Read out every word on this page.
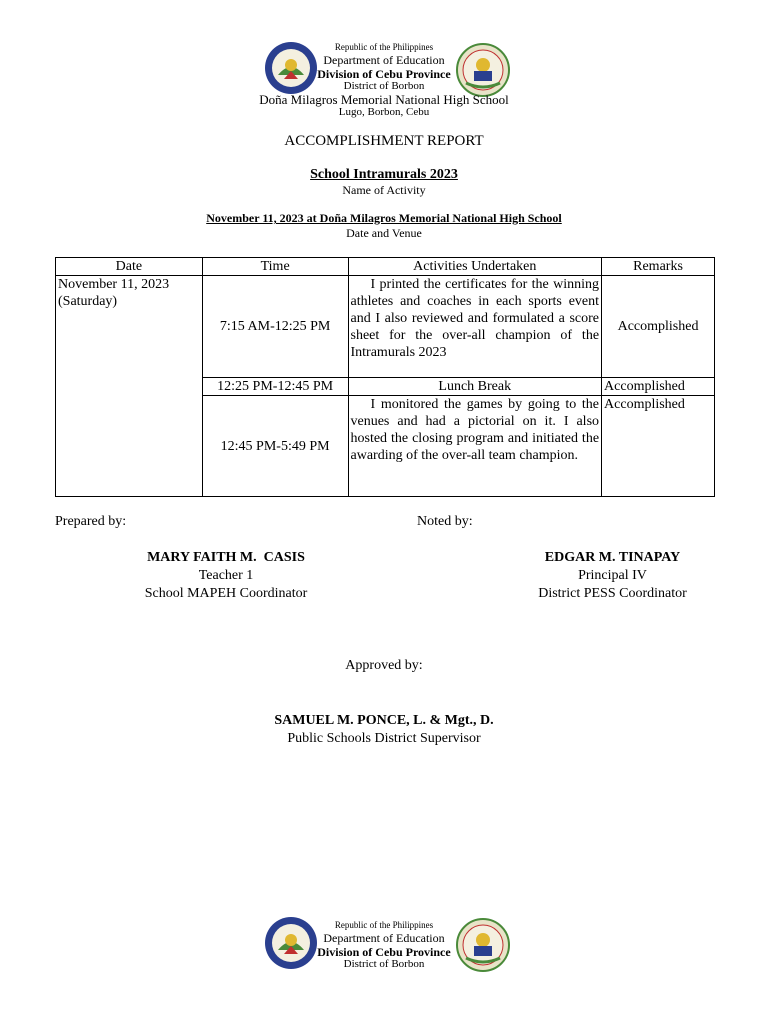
Republic of the Philippines
Department of Education
Division of Cebu Province
District of Borbon
Doña Milagros Memorial National High School
Lugo, Borbon, Cebu
ACCOMPLISHMENT REPORT
School Intramurals 2023
Name of Activity
November 11, 2023 at Doña Milagros Memorial National High School
Date and Venue
Date	Time	Activities Undertaken	Remarks

November 11, 2023
(Saturday)	7:15 AM-12:25 PM	I printed the certificates for the winning athletes and coaches in each sports event and I also reviewed and formulated a score sheet for the over-all champion of the Intramurals 2023	Accomplished
	12:25 PM-12:45 PM	Lunch Break	Accomplished
	12:45 PM-5:49 PM	I monitored the games by going to the venues and had a pictorial on it. I also hosted the closing program and initiated the awarding of the over-all team champion.	Accomplished
Prepared by:	Noted by:
MARY FAITH M.  CASIS
Teacher 1
School MAPEH Coordinator
EDGAR M. TINAPAY
Principal IV
District PESS Coordinator
Approved by:
SAMUEL M. PONCE, L. & Mgt., D.
Public Schools District Supervisor
Republic of the Philippines
Department of Education
Division of Cebu Province
District of Borbon
